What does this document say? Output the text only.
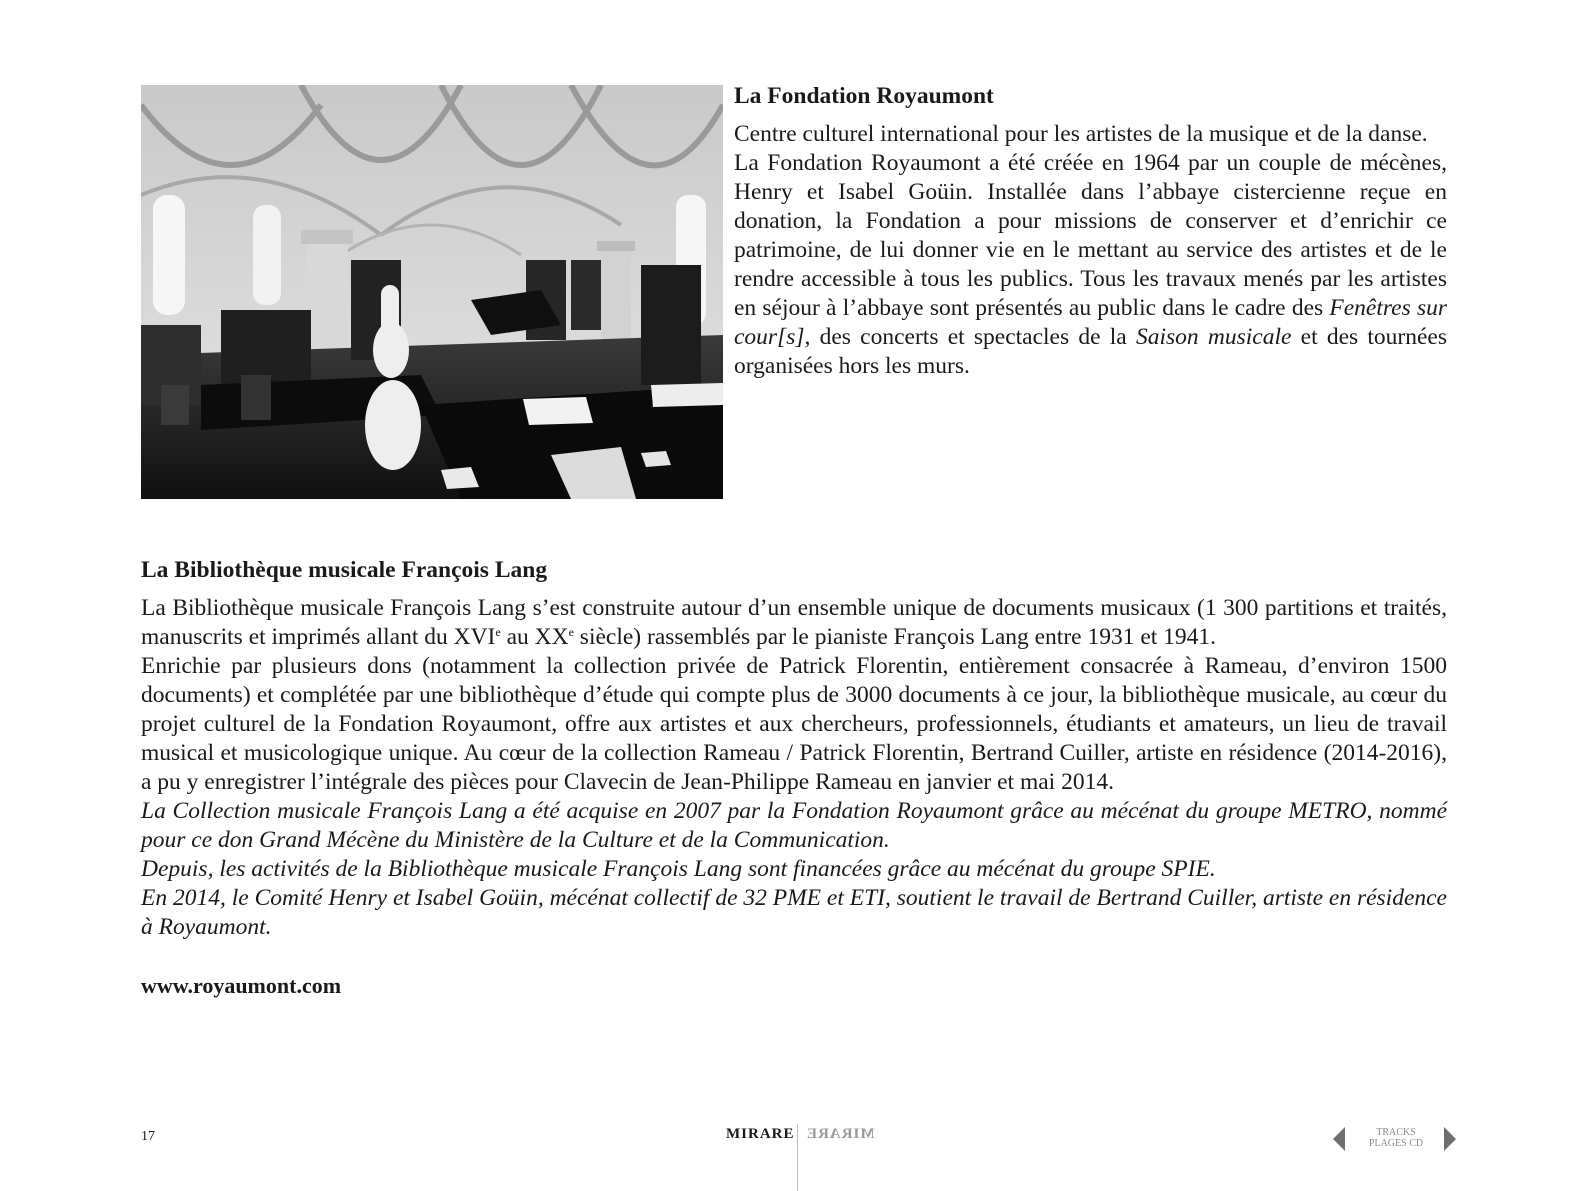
La Fondation Royaumont

Centre culturel international pour les artistes de la musique et de la danse.

La Fondation Royaumont a été créée en 1964 par un couple de mécènes, Henry et Isabel Goüin. Installée dans l’abbaye cistercienne reçue en donation, la Fondation a pour missions de conserver et d’enrichir ce patrimoine, de lui donner vie en le mettant au service des artistes et de le rendre accessible à tous les publics. Tous les travaux menés par les artistes en séjour à l’abbaye sont présentés au public dans le cadre des Fenêtres sur cour[s], des concerts et spectacles de la Saison musicale et des tournées organisées hors les murs.

La Bibliothèque musicale François Lang

La Bibliothèque musicale François Lang s’est construite autour d’un ensemble unique de documents musicaux (1 300 partitions et traités, manuscrits et imprimés allant du XVIe au XXe siècle) rassemblés par le pianiste François Lang entre 1931 et 1941.

Enrichie par plusieurs dons (notamment la collection privée de Patrick Florentin, entièrement consacrée à Rameau, d’environ 1500 documents) et complétée par une bibliothèque d’étude qui compte plus de 3000 documents à ce jour, la bibliothèque musicale, au cœur du projet culturel de la Fondation Royaumont, offre aux artistes et aux chercheurs, professionnels, étudiants et amateurs, un lieu de travail musical et musicologique unique. Au cœur de la collection Rameau / Patrick Florentin, Bertrand Cuiller, artiste en résidence (2014-2016), a pu y enregistrer l’intégrale des pièces pour Clavecin de Jean-Philippe Rameau en janvier et mai 2014.

La Collection musicale François Lang a été acquise en 2007 par la Fondation Royaumont grâce au mécénat du groupe METRO, nommé pour ce don Grand Mécène du Ministère de la Culture et de la Communication.

Depuis, les activités de la Bibliothèque musicale François Lang sont financées grâce au mécénat du groupe SPIE.

En 2014, le Comité Henry et Isabel Goüin, mécénat collectif de 32 PME et ETI, soutient le travail de Bertrand Cuiller, artiste en résidence à Royaumont.

www.royaumont.com
17	MIRARE MIRARE	TRACKS
PLAGES CD
